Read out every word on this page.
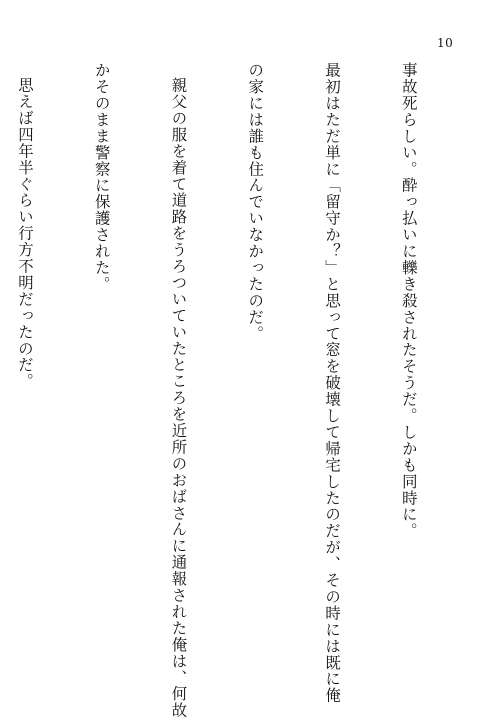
10

事故死らしい。酔っ払いに轢き殺されたそうだ。しかも同時に。

最初はただ単に「留守か？」と思って窓を破壊して帰宅したのだが、その時には既に俺

の家には誰も住んでいなかったのだ。

親父の服を着て道路をうろついていたところを近所のおばさんに通報された俺は、何故

かそのまま警察に保護された。

思えば四年半ぐらい行方不明だったのだ。
